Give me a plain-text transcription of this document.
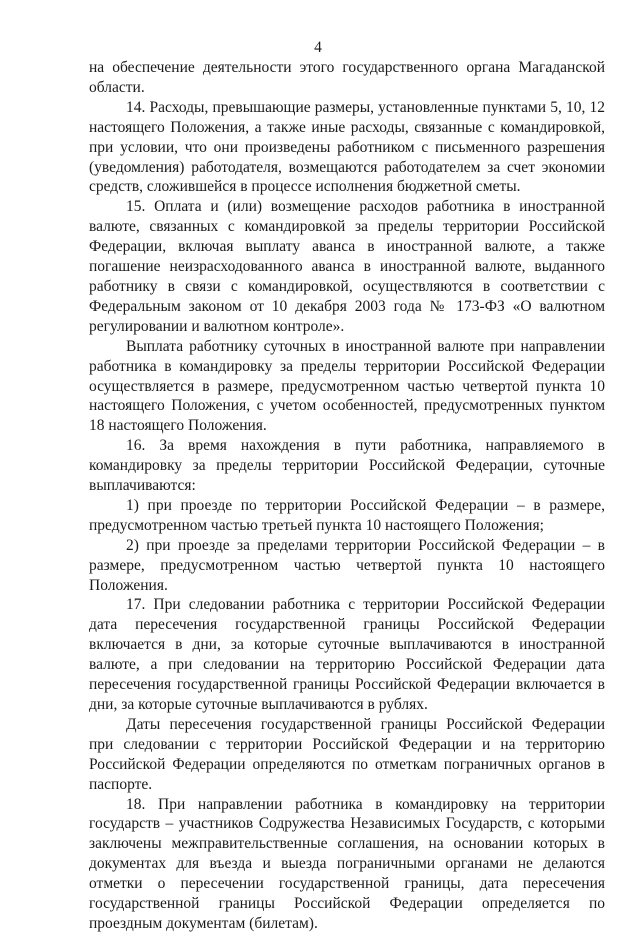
4

на обеспечение деятельности этого государственного органа Магаданской области.

14. Расходы, превышающие размеры, установленные пунктами 5, 10, 12 настоящего Положения, а также иные расходы, связанные с командировкой, при условии, что они произведены работником с письменного разрешения (уведомления) работодателя, возмещаются работодателем за счет экономии средств, сложившейся в процессе исполнения бюджетной сметы.

15. Оплата и (или) возмещение расходов работника в иностранной валюте, связанных с командировкой за пределы территории Российской Федерации, включая выплату аванса в иностранной валюте, а также погашение неизрасходованного аванса в иностранной валюте, выданного работнику в связи с командировкой, осуществляются в соответствии с Федеральным законом от 10 декабря 2003 года № 173-ФЗ «О валютном регулировании и валютном контроле».

Выплата работнику суточных в иностранной валюте при направлении работника в командировку за пределы территории Российской Федерации осуществляется в размере, предусмотренном частью четвертой пункта 10 настоящего Положения, с учетом особенностей, предусмотренных пунктом 18 настоящего Положения.

16. За время нахождения в пути работника, направляемого в командировку за пределы территории Российской Федерации, суточные выплачиваются:

1) при проезде по территории Российской Федерации – в размере, предусмотренном частью третьей пункта 10 настоящего Положения;

2) при проезде за пределами территории Российской Федерации – в размере, предусмотренном частью четвертой пункта 10 настоящего Положения.

17. При следовании работника с территории Российской Федерации дата пересечения государственной границы Российской Федерации включается в дни, за которые суточные выплачиваются в иностранной валюте, а при следовании на территорию Российской Федерации дата пересечения государственной границы Российской Федерации включается в дни, за которые суточные выплачиваются в рублях.

Даты пересечения государственной границы Российской Федерации при следовании с территории Российской Федерации и на территорию Российской Федерации определяются по отметкам пограничных органов в паспорте.

18. При направлении работника в командировку на территории государств – участников Содружества Независимых Государств, с которыми заключены межправительственные соглашения, на основании которых в документах для въезда и выезда пограничными органами не делаются отметки о пересечении государственной границы, дата пересечения государственной границы Российской Федерации определяется по проездным документам (билетам).
